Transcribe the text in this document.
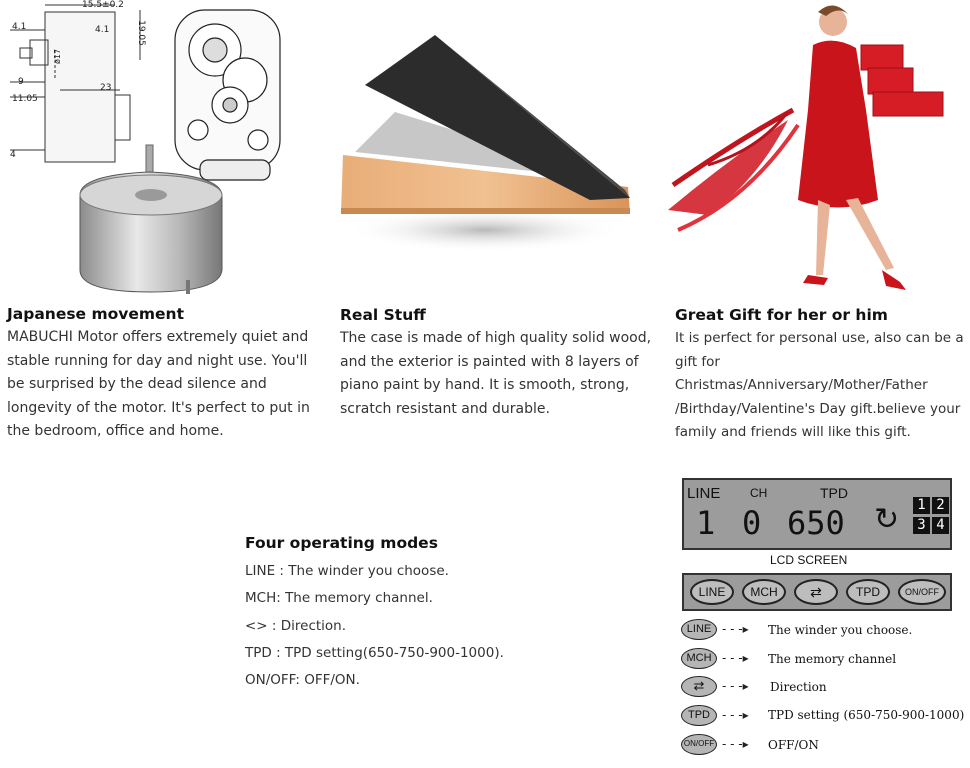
15.5±0.2
4.1	4.1
9
11.05
23
19.05
4
ø17
Japanese movement

MABUCHI Motor offers extremely quiet and

stable running for day and night use. You'll

be surprised by the dead silence and

longevity of the motor. It's perfect to put in

the bedroom, office and home.

Real Stuff

The case is made of high quality solid wood,

and the exterior is painted with 8 layers of

piano paint by hand. It is smooth, strong,

scratch resistant and durable.

Great Gift for her or him

It is perfect for personal use, also can be a

gift for Christmas/Anniversary/Mother/Father

/Birthday/Valentine's Day gift.believe your

family and friends will like this gift.

Four operating modes

LINE : The winder you choose.

MCH: The memory channel.

<> : Direction.

TPD : TPD setting(650-750-900-1000).

ON/OFF: OFF/ON.

LINE CH	TPD
1 0 650 ↻	1 2
3 4
LCD SCREEN
LINE	MCH	⇄	TPD	ON/OFF
LINE - - -▸ The winder you choose.
MCH - - -▸ The memory channel
⇄	- - -▸ Direction
TPD	- - -▸ TPD setting (650-750-900-1000)
ON/OFF - - -▸ OFF/ON
